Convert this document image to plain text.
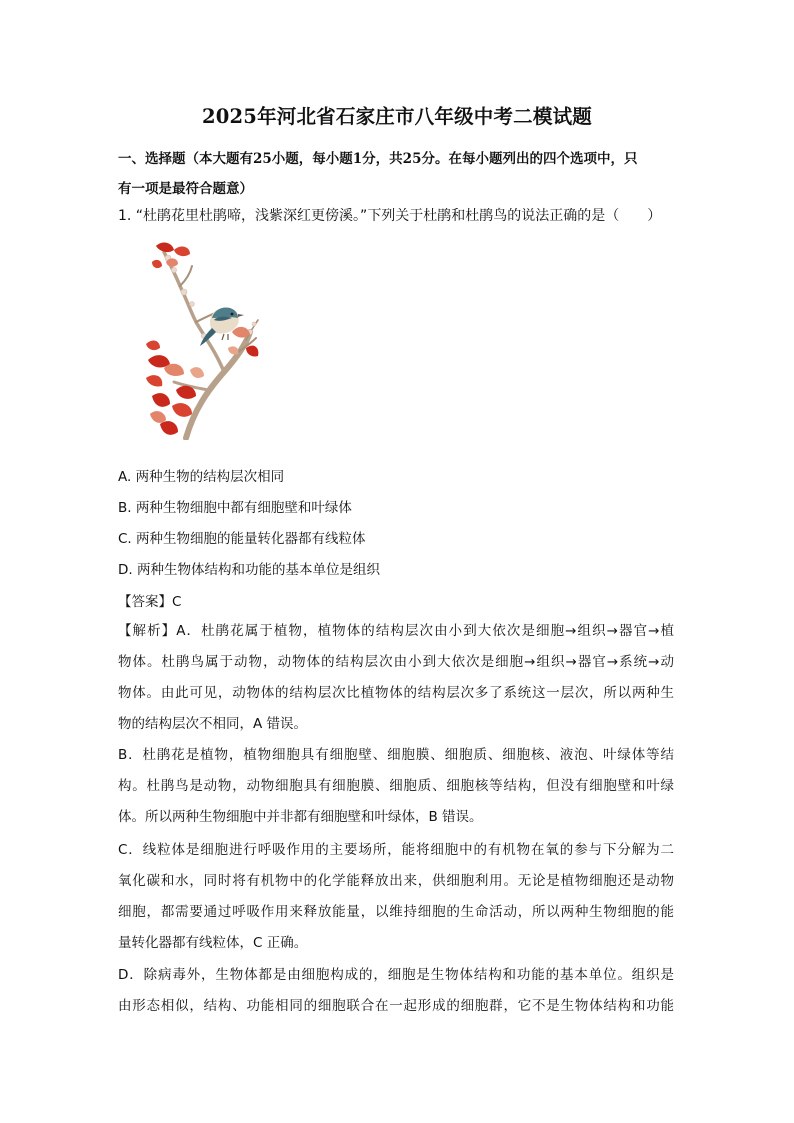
2025年河北省石家庄市八年级中考二模试题
一、选择题（本大题有25小题，每小题1分，共25分。在每小题列出的四个选项中，只
有一项是最符合题意）
1. “杜鹃花里杜鹃啼，浅紫深红更傍溪。”下列关于杜鹃和杜鹃鸟的说法正确的是（　　）
A. 两种生物的结构层次相同
B. 两种生物细胞中都有细胞壁和叶绿体
C. 两种生物细胞的能量转化器都有线粒体
D. 两种生物体结构和功能的基本单位是组织
【答案】C
【解析】A．杜鹃花属于植物，植物体的结构层次由小到大依次是细胞→组织→器官→植
物体。杜鹃鸟属于动物，动物体的结构层次由小到大依次是细胞→组织→器官→系统→动
物体。由此可见，动物体的结构层次比植物体的结构层次多了系统这一层次，所以两种生
物的结构层次不相同，A 错误。
B．杜鹃花是植物，植物细胞具有细胞壁、细胞膜、细胞质、细胞核、液泡、叶绿体等结
构。杜鹃鸟是动物，动物细胞具有细胞膜、细胞质、细胞核等结构，但没有细胞壁和叶绿
体。所以两种生物细胞中并非都有细胞壁和叶绿体，B 错误。
C．线粒体是细胞进行呼吸作用的主要场所，能将细胞中的有机物在氧的参与下分解为二
氧化碳和水，同时将有机物中的化学能释放出来，供细胞利用。无论是植物细胞还是动物
细胞，都需要通过呼吸作用来释放能量，以维持细胞的生命活动，所以两种生物细胞的能
量转化器都有线粒体，C 正确。
D．除病毒外，生物体都是由细胞构成的，细胞是生物体结构和功能的基本单位。组织是
由形态相似，结构、功能相同的细胞联合在一起形成的细胞群，它不是生物体结构和功能
